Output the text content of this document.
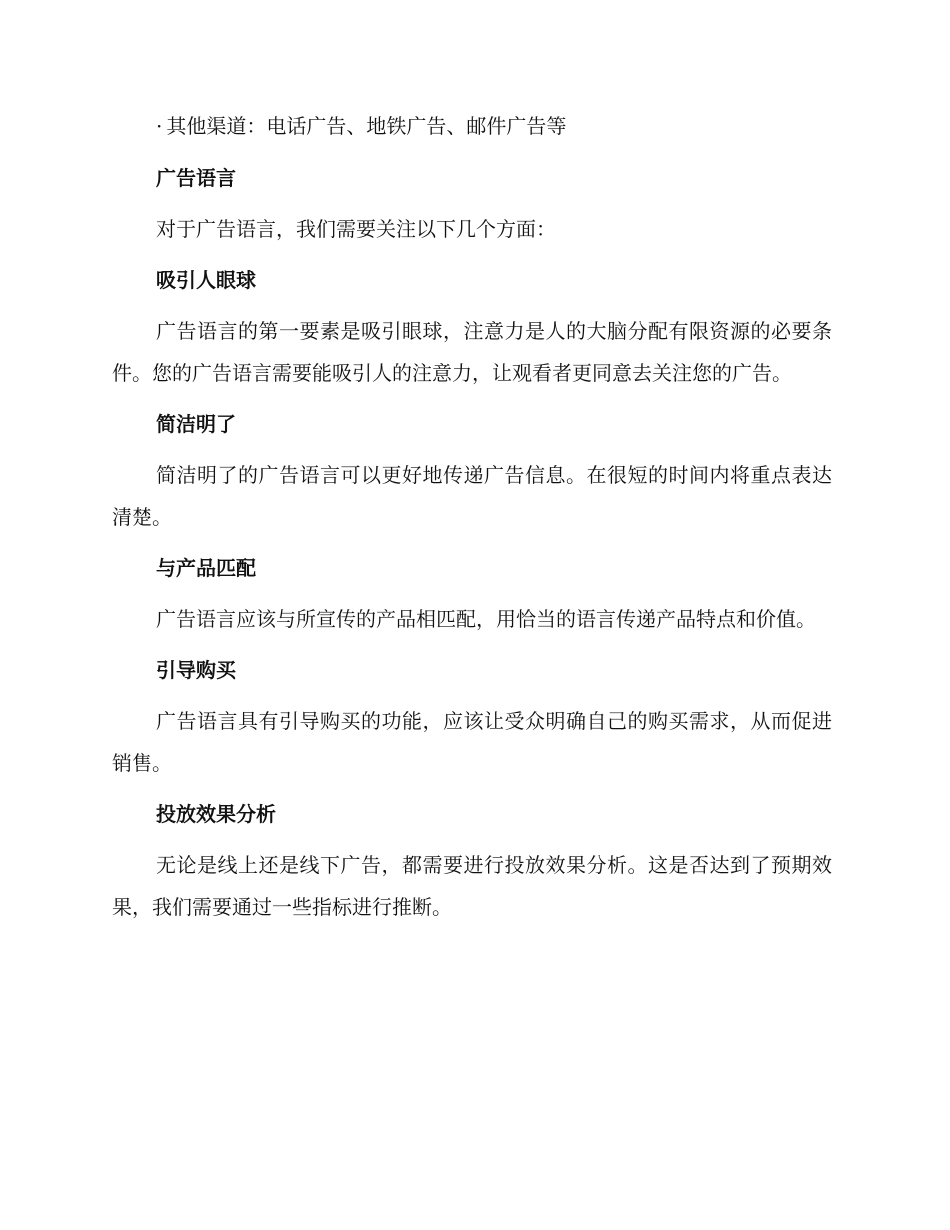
· 其他渠道：电话广告、地铁广告、邮件广告等
广告语言

对于广告语言，我们需要关注以下几个方面：

吸引人眼球

广告语言的第一要素是吸引眼球，注意力是人的大脑分配有限资源的必要条件。您的广告语言需要能吸引人的注意力，让观看者更同意去关注您的广告。

简洁明了

简洁明了的广告语言可以更好地传递广告信息。在很短的时间内将重点表达清楚。

与产品匹配

广告语言应该与所宣传的产品相匹配，用恰当的语言传递产品特点和价值。

引导购买

广告语言具有引导购买的功能，应该让受众明确自己的购买需求，从而促进销售。

投放效果分析

无论是线上还是线下广告，都需要进行投放效果分析。这是否达到了预期效果，我们需要通过一些指标进行推断。
